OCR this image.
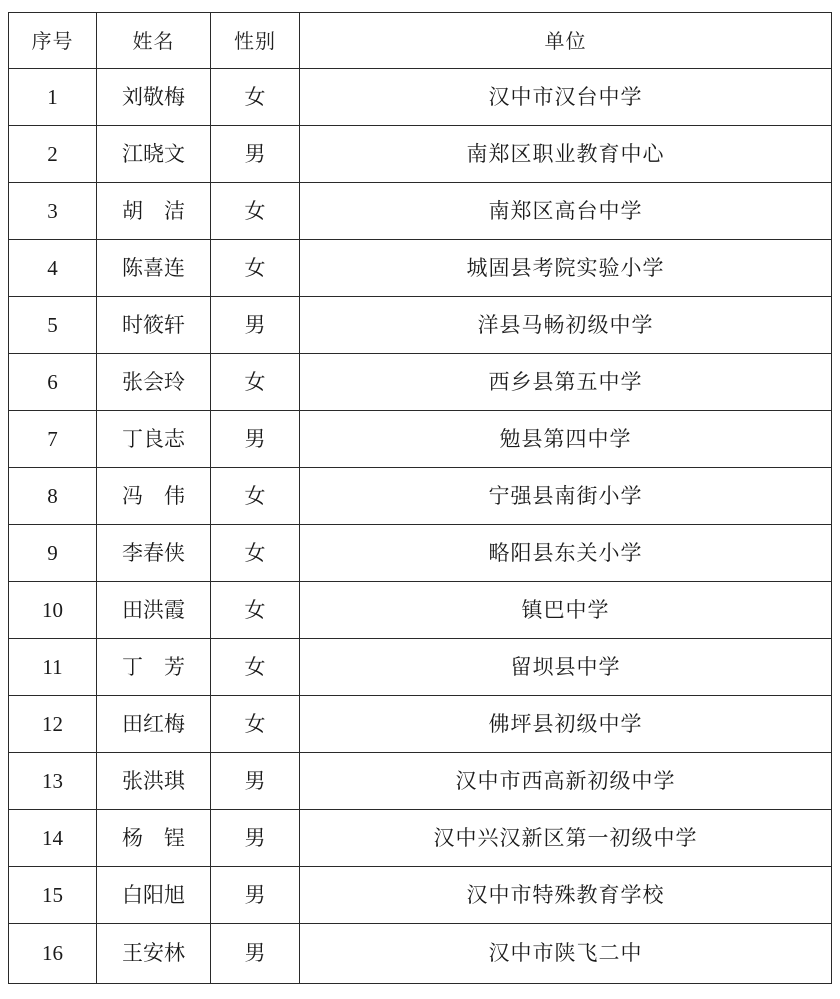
序号	姓名	性别	单位
1	刘敬梅	女	汉中市汉台中学
2	江晓文	男	南郑区职业教育中心
3	胡　洁	女	南郑区高台中学
4	陈喜连	女	城固县考院实验小学
5	时筱轩	男	洋县马畅初级中学
6	张会玲	女	西乡县第五中学
7	丁良志	男	勉县第四中学
8	冯　伟	女	宁强县南街小学
9	李春侠	女	略阳县东关小学
10	田洪霞	女	镇巴中学
11	丁　芳	女	留坝县中学
12	田红梅	女	佛坪县初级中学
13	张洪琪	男	汉中市西高新初级中学
14	杨　锃	男	汉中兴汉新区第一初级中学
15	白阳旭	男	汉中市特殊教育学校
16	王安林	男	汉中市陕飞二中
